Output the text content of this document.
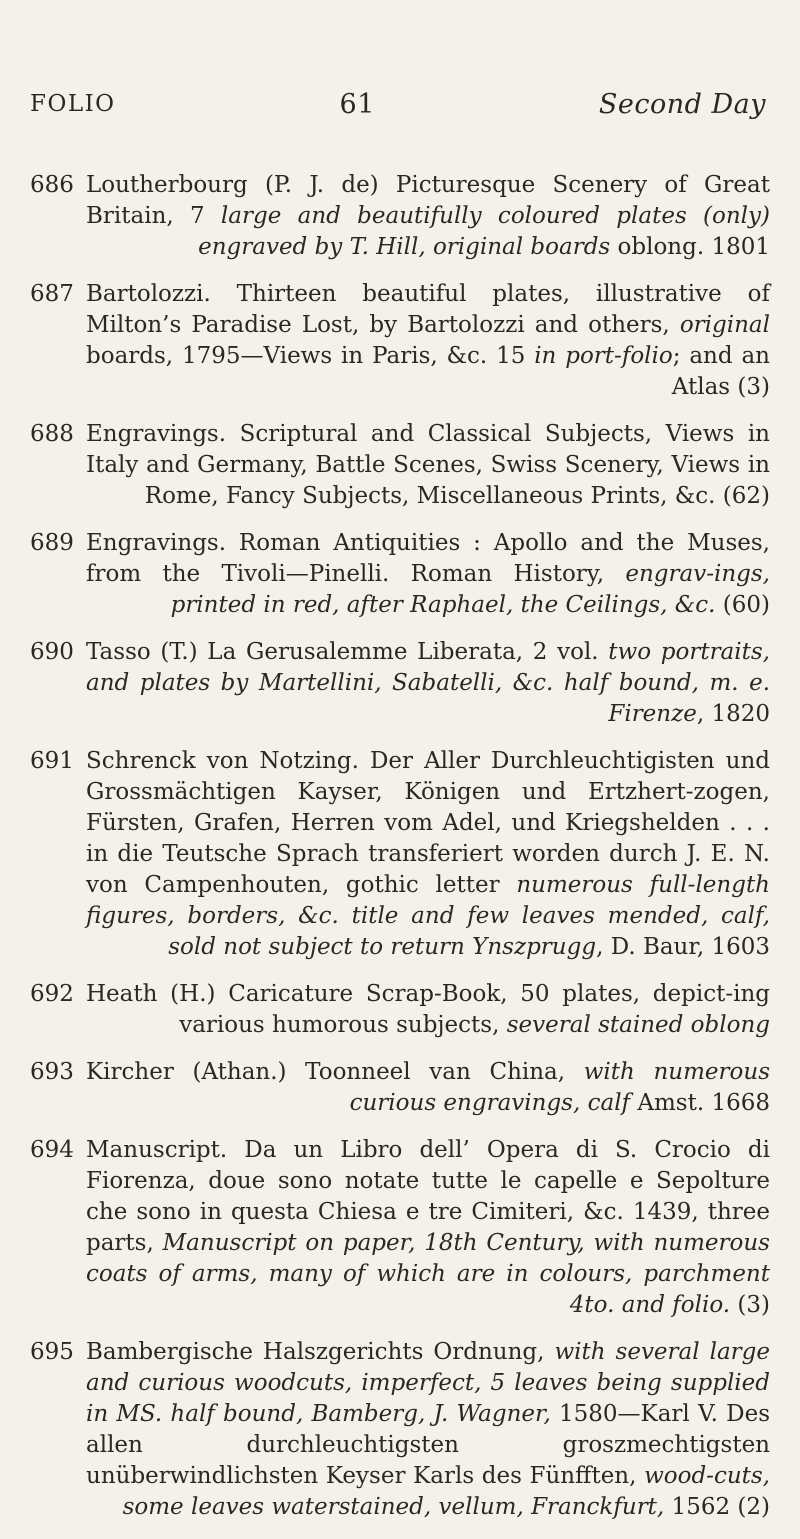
FOLIO	61	Second Day
686 Loutherbourg (P. J. de) Picturesque Scenery of Great Britain, 7 large and beautifully coloured plates (only) engraved by T. Hill, original boards oblong. 1801
687 Bartolozzi. Thirteen beautiful plates, illustrative of Milton’s Paradise Lost, by Bartolozzi and others, original boards, 1795—Views in Paris, &c. 15 in port-folio; and an Atlas (3)
688 Engravings. Scriptural and Classical Subjects, Views in Italy and Germany, Battle Scenes, Swiss Scenery, Views in Rome, Fancy Subjects, Miscellaneous Prints, &c. (62)
689 Engravings. Roman Antiquities : Apollo and the Muses, from the Tivoli—Pinelli. Roman History, engrav-ings, printed in red, after Raphael, the Ceilings, &c. (60)
690 Tasso (T.) La Gerusalemme Liberata, 2 vol. two portraits, and plates by Martellini, Sabatelli, &c. half bound, m. e. Firenze, 1820
691 Schrenck von Notzing. Der Aller Durchleuchtigisten und Grossmächtigen Kayser, Königen und Ertzhert-zogen, Fürsten, Grafen, Herren vom Adel, und Kriegshelden . . . in die Teutsche Sprach transferiert worden durch J. E. N. von Campenhouten, gothic letter numerous full-length figures, borders, &c. title and few leaves mended, calf, sold not subject to return Ynszprugg, D. Baur, 1603
692 Heath (H.) Caricature Scrap-Book, 50 plates, depict-ing various humorous subjects, several stained oblong
693 Kircher (Athan.) Toonneel van China, with numerous curious engravings, calf Amst. 1668
694 Manuscript. Da un Libro dell’ Opera di S. Crocio di Fiorenza, doue sono notate tutte le capelle e Sepolture che sono in questa Chiesa e tre Cimiteri, &c. 1439, three parts, Manuscript on paper, 18th Century, with numerous coats of arms, many of which are in colours, parchment 4to. and folio. (3)
695 Bambergische Halszgerichts Ordnung, with several large and curious woodcuts, imperfect, 5 leaves being supplied in MS. half bound, Bamberg, J. Wagner, 1580—Karl V. Des allen durchleuchtigsten groszmechtigsten unüberwindlichsten Keyser Karls des Fünfften, wood-cuts, some leaves waterstained, vellum, Franckfurt, 1562 (2)
